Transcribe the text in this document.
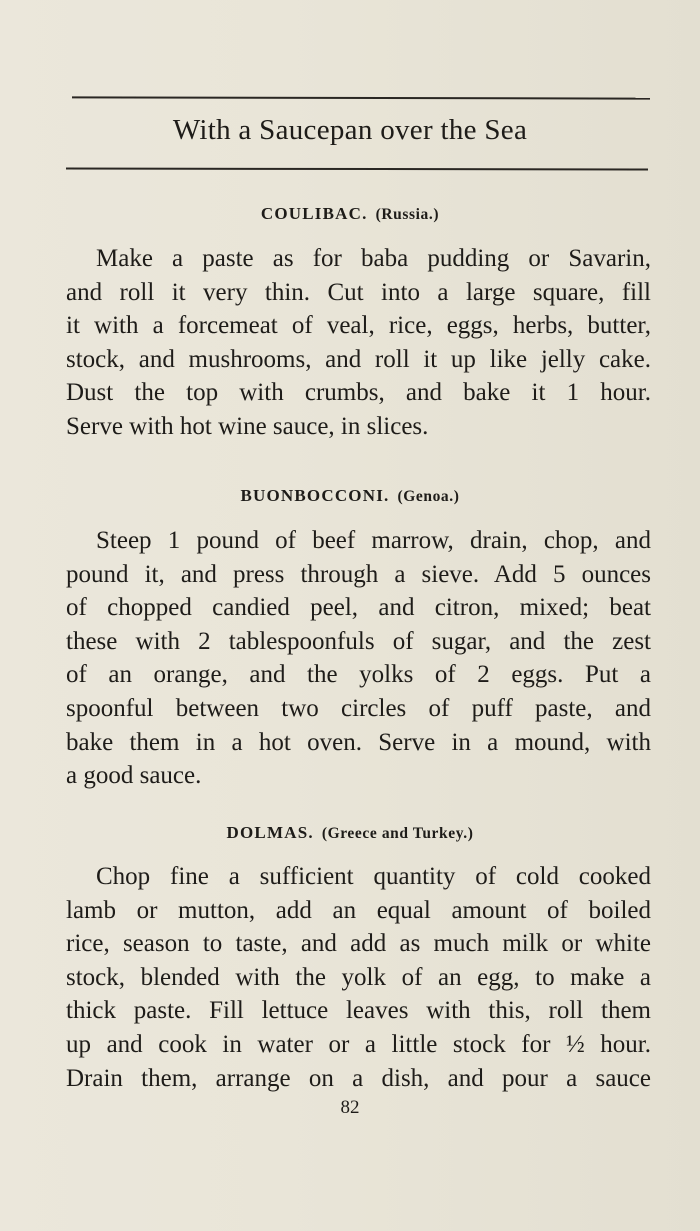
With a Saucepan over the Sea
COULIBAC. (Russia.)
Make a paste as for baba pudding or Savarin,
and roll it very thin. Cut into a large square, fill
it with a forcemeat of veal, rice, eggs, herbs, butter,
stock, and mushrooms, and roll it up like jelly cake.
Dust the top with crumbs, and bake it 1 hour.
Serve with hot wine sauce, in slices.
BUONBOCCONI. (Genoa.)
Steep 1 pound of beef marrow, drain, chop, and
pound it, and press through a sieve. Add 5 ounces
of chopped candied peel, and citron, mixed; beat
these with 2 tablespoonfuls of sugar, and the zest
of an orange, and the yolks of 2 eggs. Put a
spoonful between two circles of puff paste, and
bake them in a hot oven. Serve in a mound, with
a good sauce.
DOLMAS. (Greece and Turkey.)
Chop fine a sufficient quantity of cold cooked
lamb or mutton, add an equal amount of boiled
rice, season to taste, and add as much milk or white
stock, blended with the yolk of an egg, to make a
thick paste. Fill lettuce leaves with this, roll them
up and cook in water or a little stock for ½ hour.
Drain them, arrange on a dish, and pour a sauce
82
